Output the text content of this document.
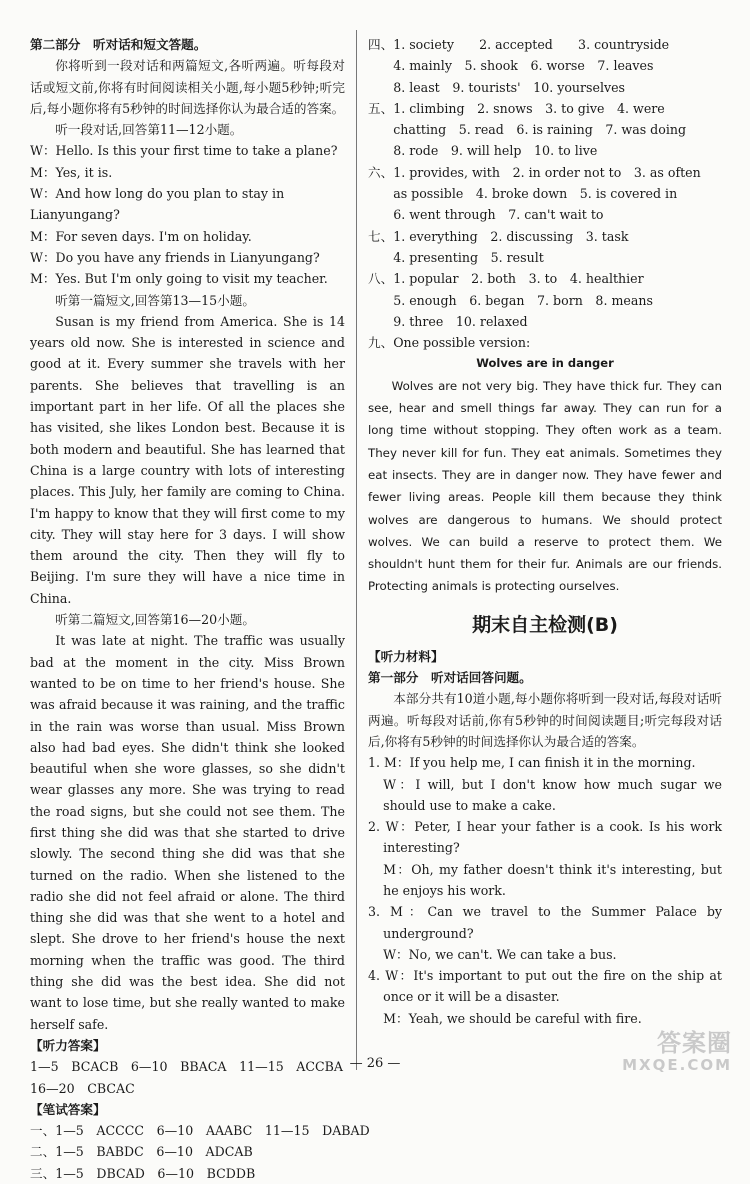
第二部分　听对话和短文答题。

你将听到一段对话和两篇短文,各听两遍。听每段对话或短文前,你将有时间阅读相关小题,每小题5秒钟;听完后,每小题你将有5秒钟的时间选择你认为最合适的答案。

听一段对话,回答第11—12小题。

W：Hello. Is this your first time to take a plane?

M：Yes, it is.

W：And how long do you plan to stay in Lianyungang?

M：For seven days. I'm on holiday.

W：Do you have any friends in Lianyungang?

M：Yes. But I'm only going to visit my teacher.

听第一篇短文,回答第13—15小题。

Susan is my friend from America. She is 14 years old now. She is interested in science and good at it. Every summer she travels with her parents. She believes that travelling is an important part in her life. Of all the places she has visited, she likes London best. Because it is both modern and beautiful. She has learned that China is a large country with lots of interesting places. This July, her family are coming to China. I'm happy to know that they will first come to my city. They will stay here for 3 days. I will show them around the city. Then they will fly to Beijing. I'm sure they will have a nice time in China.

听第二篇短文,回答第16—20小题。

It was late at night. The traffic was usually bad at the moment in the city. Miss Brown wanted to be on time to her friend's house. She was afraid because it was raining, and the traffic in the rain was worse than usual. Miss Brown also had bad eyes. She didn't think she looked beautiful when she wore glasses, so she didn't wear glasses any more. She was trying to read the road signs, but she could not see them. The first thing she did was that she started to drive slowly. The second thing she did was that she turned on the radio. When she listened to the radio she did not feel afraid or alone. The third thing she did was that she went to a hotel and slept. She drove to her friend's house the next morning when the traffic was good. The third thing she did was the best idea. She did not want to lose time, but she really wanted to make herself safe.

【听力答案】

1—5　BCACB　6—10　BBACA　11—15　ACCBA

16—20　CBCAC

【笔试答案】

一、1—5　ACCCC　6—10　AAABC　11—15　DABAD

二、1—5　BABDC　6—10　ADCAB

三、1—5　DBCAD　6—10　BCDDB

四、1. society　　2. accepted　　3. countryside

　　4. mainly　5. shook　6. worse　7. leaves

　　8. least　9. tourists'　10. yourselves

五、1. climbing　2. snows　3. to give　4. were

　　chatting　5. read　6. is raining　7. was doing

　　8. rode　9. will help　10. to live

六、1. provides, with　2. in order not to　3. as often

　　as possible　4. broke down　5. is covered in

　　6. went through　7. can't wait to

七、1. everything　2. discussing　3. task

　　4. presenting　5. result

八、1. popular　2. both　3. to　4. healthier

　　5. enough　6. began　7. born　8. means

　　9. three　10. relaxed

九、One possible version:

Wolves are in danger

Wolves are not very big. They have thick fur. They can see, hear and smell things far away. They can run for a long time without stopping. They often work as a team. They never kill for fun. They eat animals. Sometimes they eat insects. They are in danger now. They have fewer and fewer living areas. People kill them because they think wolves are dangerous to humans. We should protect wolves. We can build a reserve to protect them. We shouldn't hunt them for their fur. Animals are our friends. Protecting animals is protecting ourselves.

期末自主检测(B)

【听力材料】

第一部分　听对话回答问题。

本部分共有10道小题,每小题你将听到一段对话,每段对话听两遍。听每段对话前,你有5秒钟的时间阅读题目;听完每段对话后,你将有5秒钟的时间选择你认为最合适的答案。

1. M：If you help me, I can finish it in the morning.

W：I will, but I don't know how much sugar we should use to make a cake.

2. W：Peter, I hear your father is a cook. Is his work interesting?

M：Oh, my father doesn't think it's interesting, but he enjoys his work.

3. M：Can we travel to the Summer Palace by underground?

W：No, we can't. We can take a bus.

4. W：It's important to put out the fire on the ship at once or it will be a disaster.

M：Yeah, we should be careful with fire.

— 26 —
答案圈
MXQE.COM
